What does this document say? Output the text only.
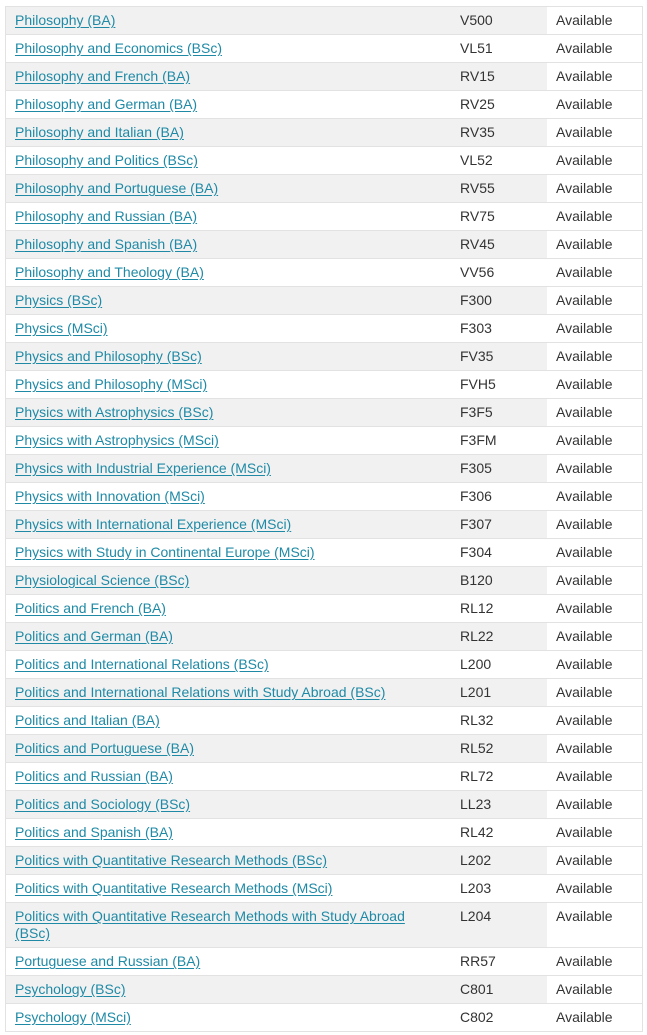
Philosophy (BA)	V500	Available
Philosophy and Economics (BSc)	VL51	Available
Philosophy and French (BA)	RV15	Available
Philosophy and German (BA)	RV25	Available
Philosophy and Italian (BA)	RV35	Available
Philosophy and Politics (BSc)	VL52	Available
Philosophy and Portuguese (BA)	RV55	Available
Philosophy and Russian (BA)	RV75	Available
Philosophy and Spanish (BA)	RV45	Available
Philosophy and Theology (BA)	VV56	Available
Physics (BSc)	F300	Available
Physics (MSci)	F303	Available
Physics and Philosophy (BSc)	FV35	Available
Physics and Philosophy (MSci)	FVH5	Available
Physics with Astrophysics (BSc)	F3F5	Available
Physics with Astrophysics (MSci)	F3FM	Available
Physics with Industrial Experience (MSci)	F305	Available
Physics with Innovation (MSci)	F306	Available
Physics with International Experience (MSci)	F307	Available
Physics with Study in Continental Europe (MSci)	F304	Available
Physiological Science (BSc)	B120	Available
Politics and French (BA)	RL12	Available
Politics and German (BA)	RL22	Available
Politics and International Relations (BSc)	L200	Available
Politics and International Relations with Study Abroad (BSc)	L201	Available
Politics and Italian (BA)	RL32	Available
Politics and Portuguese (BA)	RL52	Available
Politics and Russian (BA)	RL72	Available
Politics and Sociology (BSc)	LL23	Available
Politics and Spanish (BA)	RL42	Available
Politics with Quantitative Research Methods (BSc)	L202	Available
Politics with Quantitative Research Methods (MSci)	L203	Available
Politics with Quantitative Research Methods with Study Abroad (BSc)	L204	Available
Portuguese and Russian (BA)	RR57	Available
Psychology (BSc)	C801	Available
Psychology (MSci)	C802	Available
